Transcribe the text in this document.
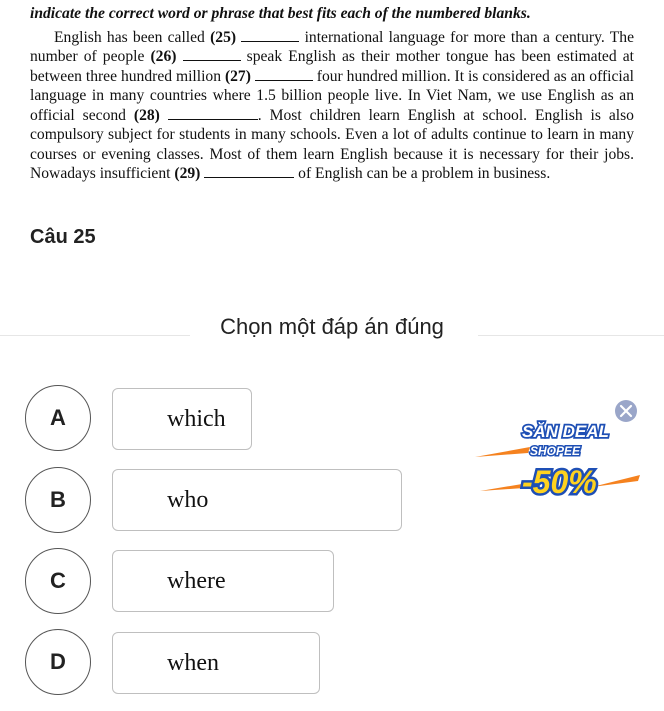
indicate the correct word or phrase that best fits each of the numbered blanks.

English has been called (25)	international language for more than a century. The number of people (26)	speak English as their mother tongue has been estimated at between three hundred million (27)	four hundred million. It is considered as an official language in many countries where 1.5 billion people live. In Viet Nam, we use English as an official second (28)	. Most children learn English at school. English is also compulsory subject for students in many schools. Even a lot of adults continue to learn in many courses or evening classes. Most of them learn English because it is necessary for their jobs. Nowadays insufficient (29)	of English can be a problem in business.

Câu 25
Chọn một đáp án đúng
A	which
B	who
C	where
D	when
SĂN DEAL
SHOPEE
-50%
